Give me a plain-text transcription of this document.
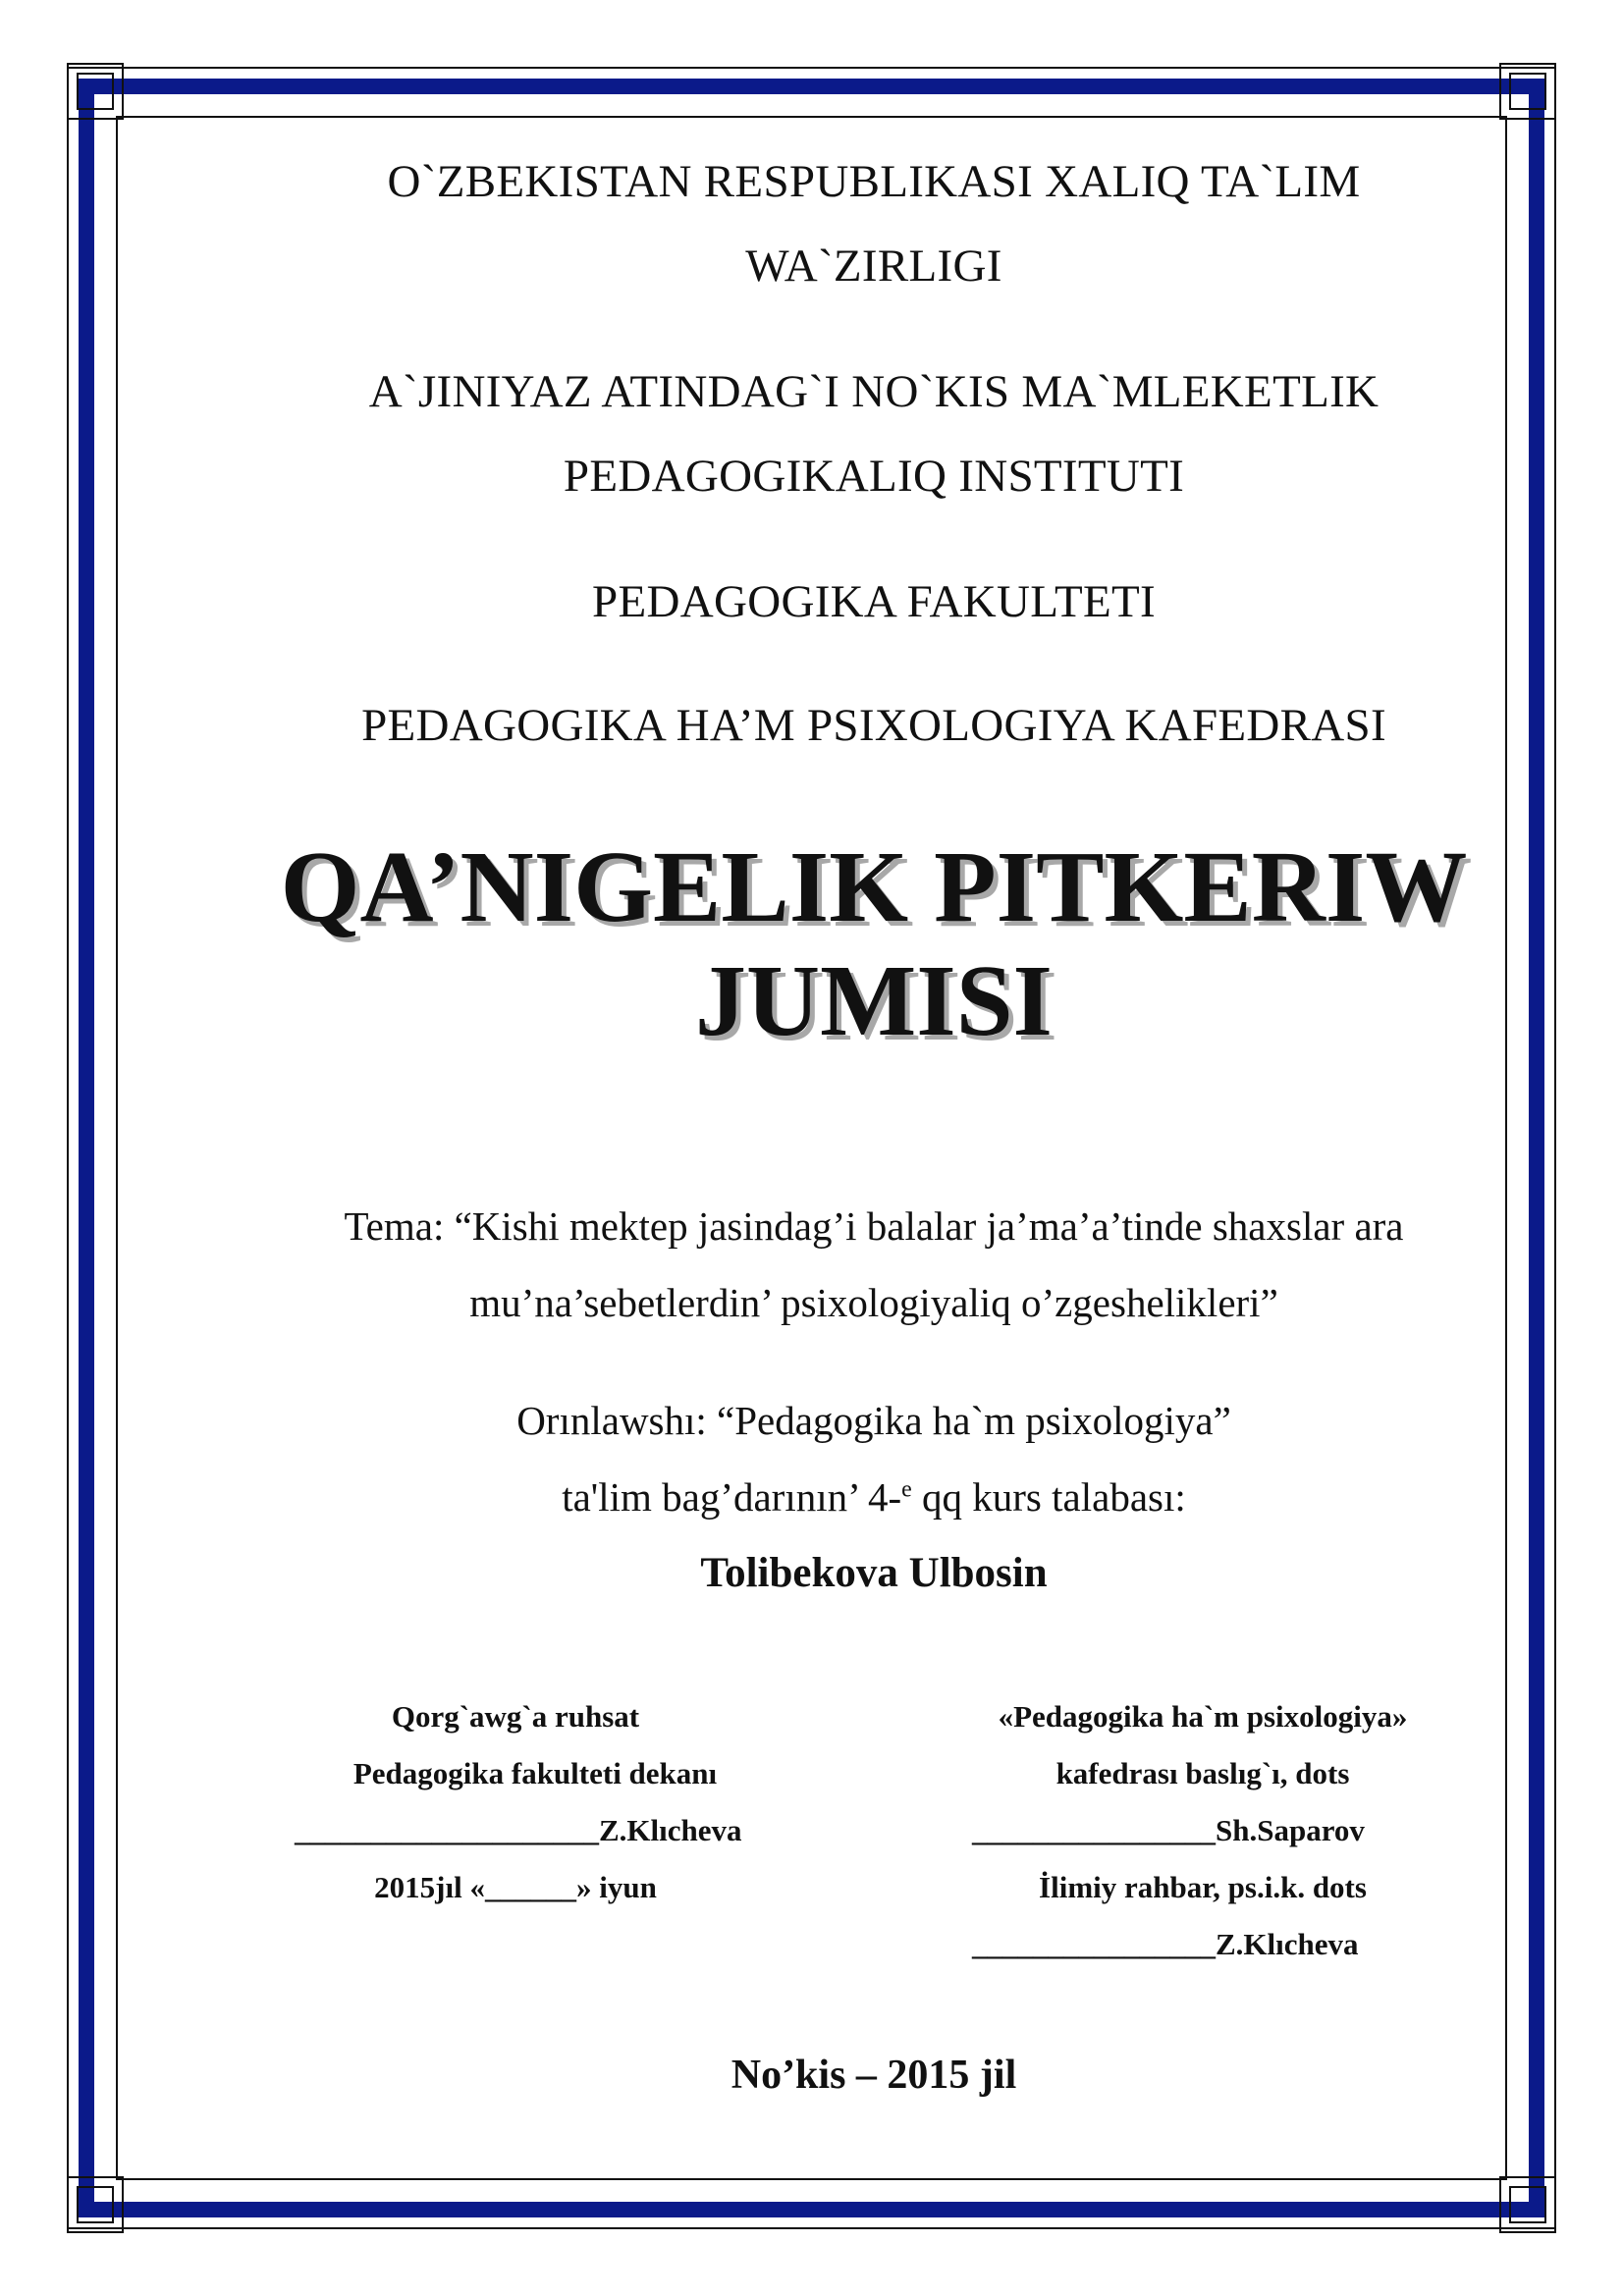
O`ZBEKISTAN RESPUBLIKASI XALIQ TA`LIM
WA`ZIRLIGI
A`JINIYAZ ATINDAG`I NO`KIS MA`MLEKETLIK
PEDAGOGIKALIQ INSTITUTI
PEDAGOGIKA FAKULTETI
PEDAGOGIKA HA’M PSIXOLOGIYA KAFEDRASI
QA’NIGELIK PITKERIW
JUMISI
Tema: “Kishi mektep jasindag’i balalar ja’ma’a’tinde shaxslar ara
mu’na’sebetlerdin’ psixologiyaliq o’zgeshelikleri”
Orınlawshı: “Pedagogika ha`m psixologiya”
ta'lim bag’darının’ 4-$^e$ qq kurs talabası:
Tolibekova Ulbosin
Qorg`awg`a ruhsat
Pedagogika fakulteti dekanı
____________________Z.Klıcheva
2015jıl «______» iyun
«Pedagogika ha`m psixologiya»
kafedrası baslıg`ı, dots
________________Sh.Saparov
İlimiy rahbar, ps.i.k. dots
________________Z.Klıcheva
No’kis – 2015 jil
